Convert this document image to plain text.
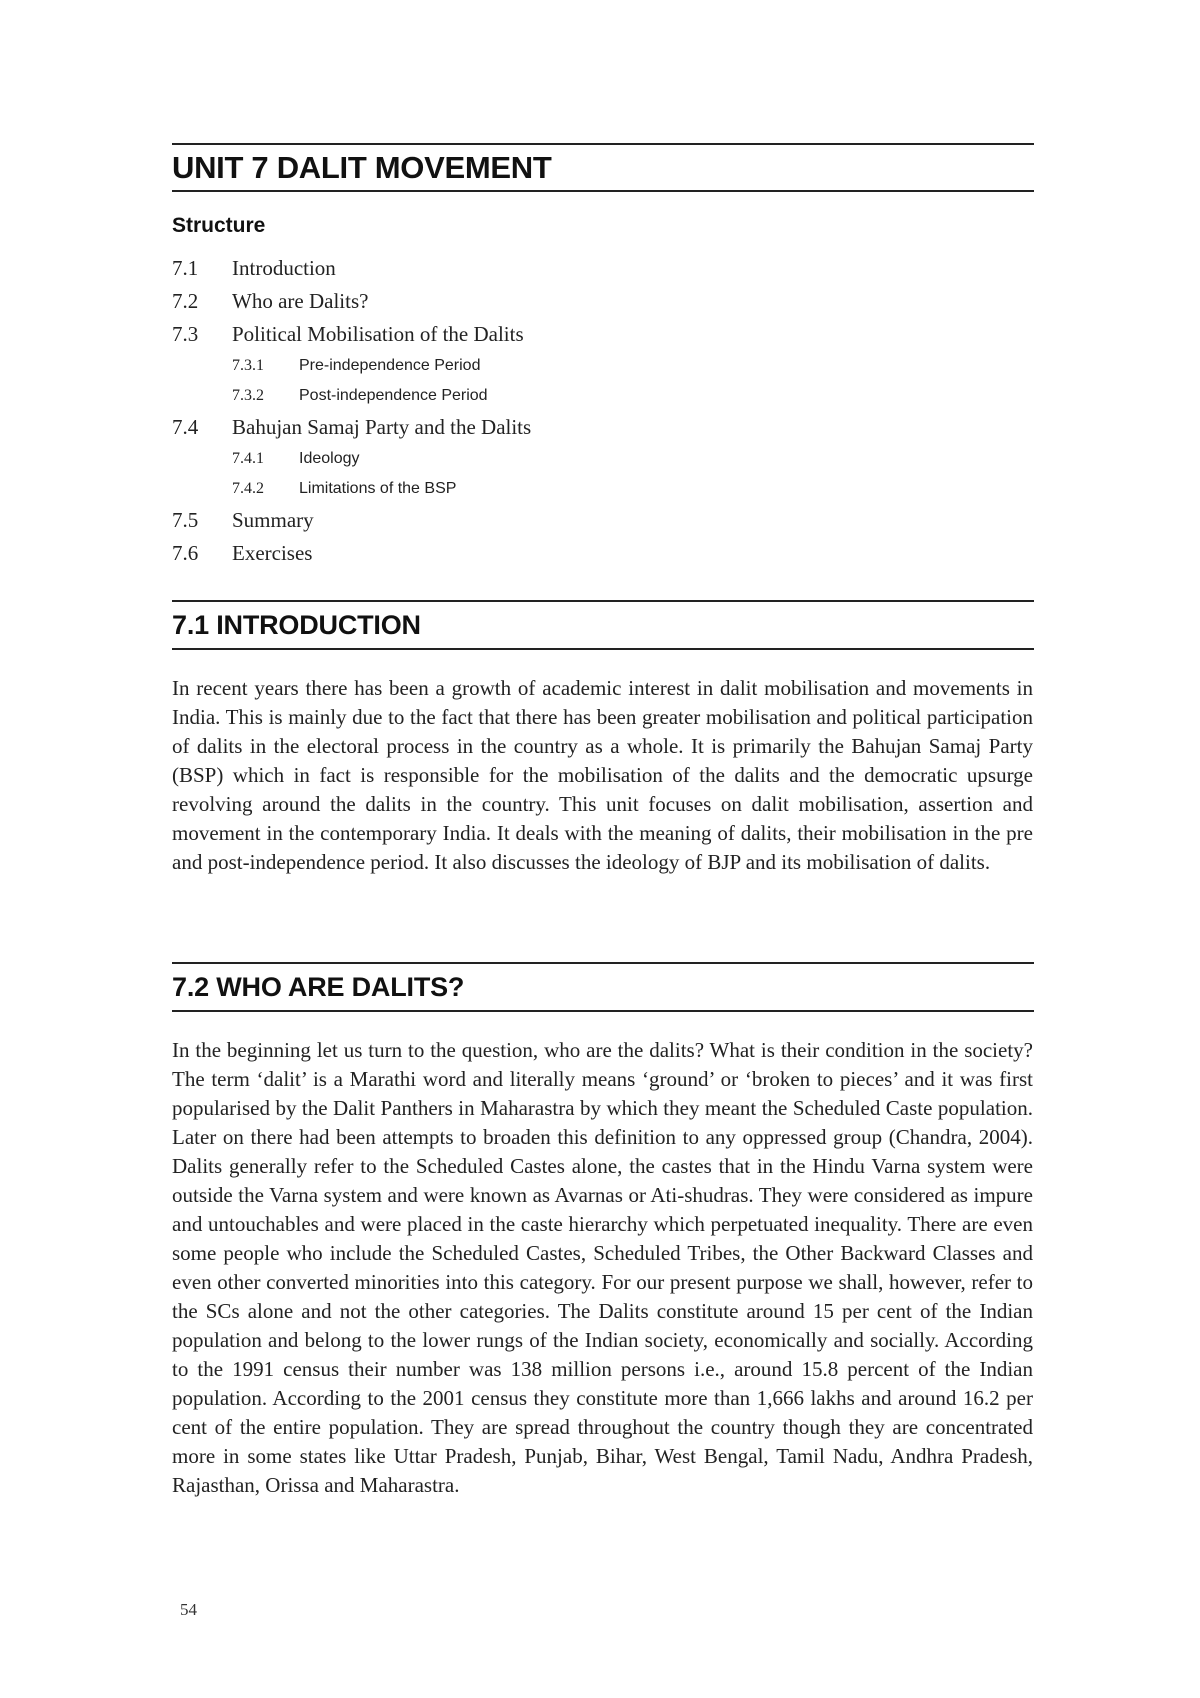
UNIT 7 DALIT MOVEMENT
Structure
7.1 Introduction
7.2 Who are Dalits?
7.3 Political Mobilisation of the Dalits
7.3.1 Pre-independence Period
7.3.2 Post-independence Period
7.4 Bahujan Samaj Party and the Dalits
7.4.1 Ideology
7.4.2 Limitations of the BSP
7.5 Summary
7.6 Exercises
7.1 INTRODUCTION

In recent years there has been a growth of academic interest in dalit mobilisation and movements in India. This is mainly due to the fact that there has been greater mobilisation and political participation of dalits in the electoral process in the country as a whole. It is primarily the Bahujan Samaj Party (BSP) which in fact is responsible for the mobilisation of the dalits and the democratic upsurge revolving around the dalits in the country. This unit focuses on dalit mobilisation, assertion and movement in the contemporary India. It deals with the meaning of dalits, their mobilisation in the pre and post-independence period. It also discusses the ideology of BJP and its mobilisation of dalits.

7.2 WHO ARE DALITS?

In the beginning let us turn to the question, who are the dalits? What is their condition in the society? The term ‘dalit’ is a Marathi word and literally means ‘ground’ or ‘broken to pieces’ and it was first popularised by the Dalit Panthers in Maharastra by which they meant the Scheduled Caste population. Later on there had been attempts to broaden this definition to any oppressed group (Chandra, 2004). Dalits generally refer to the Scheduled Castes alone, the castes that in the Hindu Varna system were outside the Varna system and were known as Avarnas or Ati-shudras. They were considered as impure and untouchables and were placed in the caste hierarchy which perpetuated inequality. There are even some people who include the Scheduled Castes, Scheduled Tribes, the Other Backward Classes and even other converted minorities into this category. For our present purpose we shall, however, refer to the SCs alone and not the other categories. The Dalits constitute around 15 per cent of the Indian population and belong to the lower rungs of the Indian society, economically and socially. According to the 1991 census their number was 138 million persons i.e., around 15.8 percent of the Indian population. According to the 2001 census they constitute more than 1,666 lakhs and around 16.2 per cent of the entire population. They are spread throughout the country though they are concentrated more in some states like Uttar Pradesh, Punjab, Bihar, West Bengal, Tamil Nadu, Andhra Pradesh, Rajasthan, Orissa and Maharastra.

54
